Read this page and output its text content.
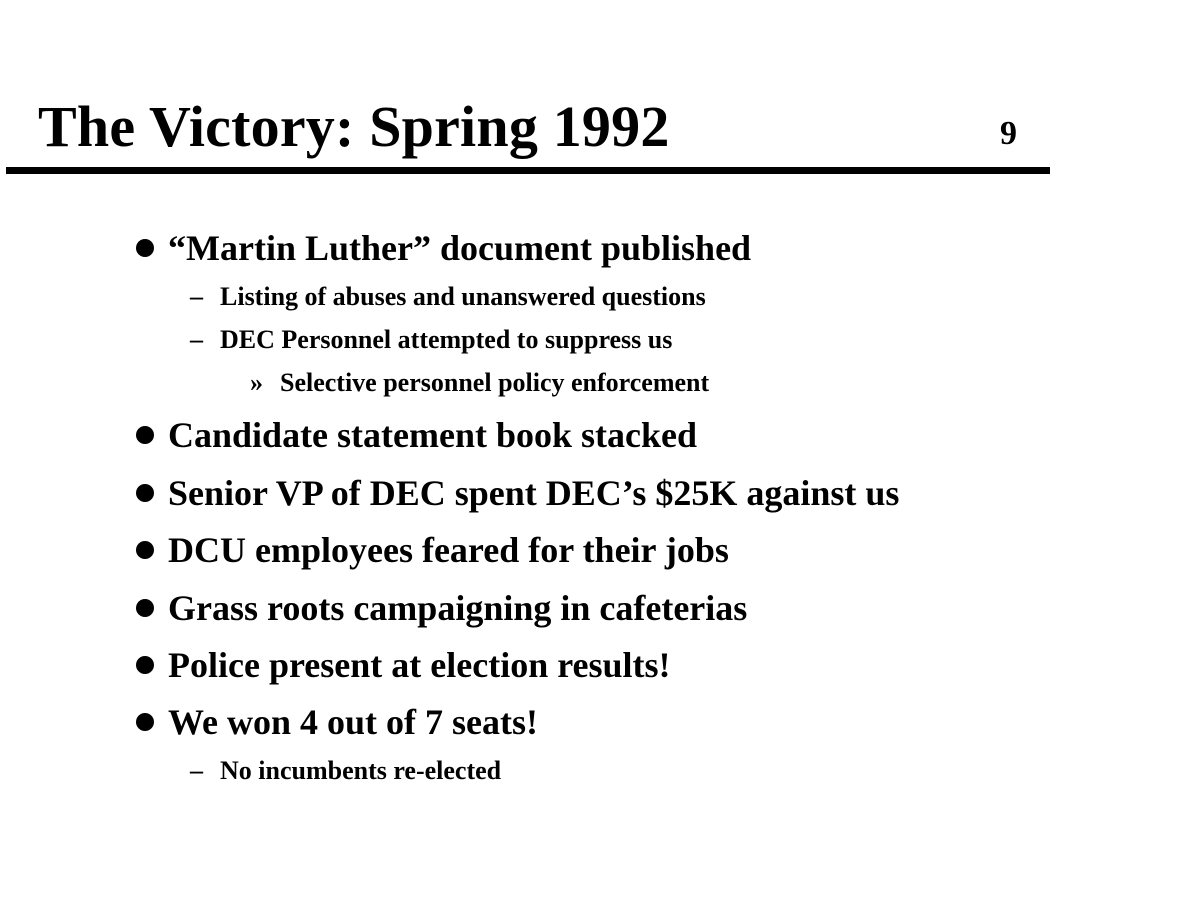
The Victory: Spring 1992	9
“Martin Luther” document published
– Listing of abuses and unanswered questions
– DEC Personnel attempted to suppress us
» Selective personnel policy enforcement
Candidate statement book stacked
Senior VP of DEC spent DEC’s $25K against us
DCU employees feared for their jobs
Grass roots campaigning in cafeterias
Police present at election results!
We won 4 out of 7 seats!
– No incumbents re-elected
